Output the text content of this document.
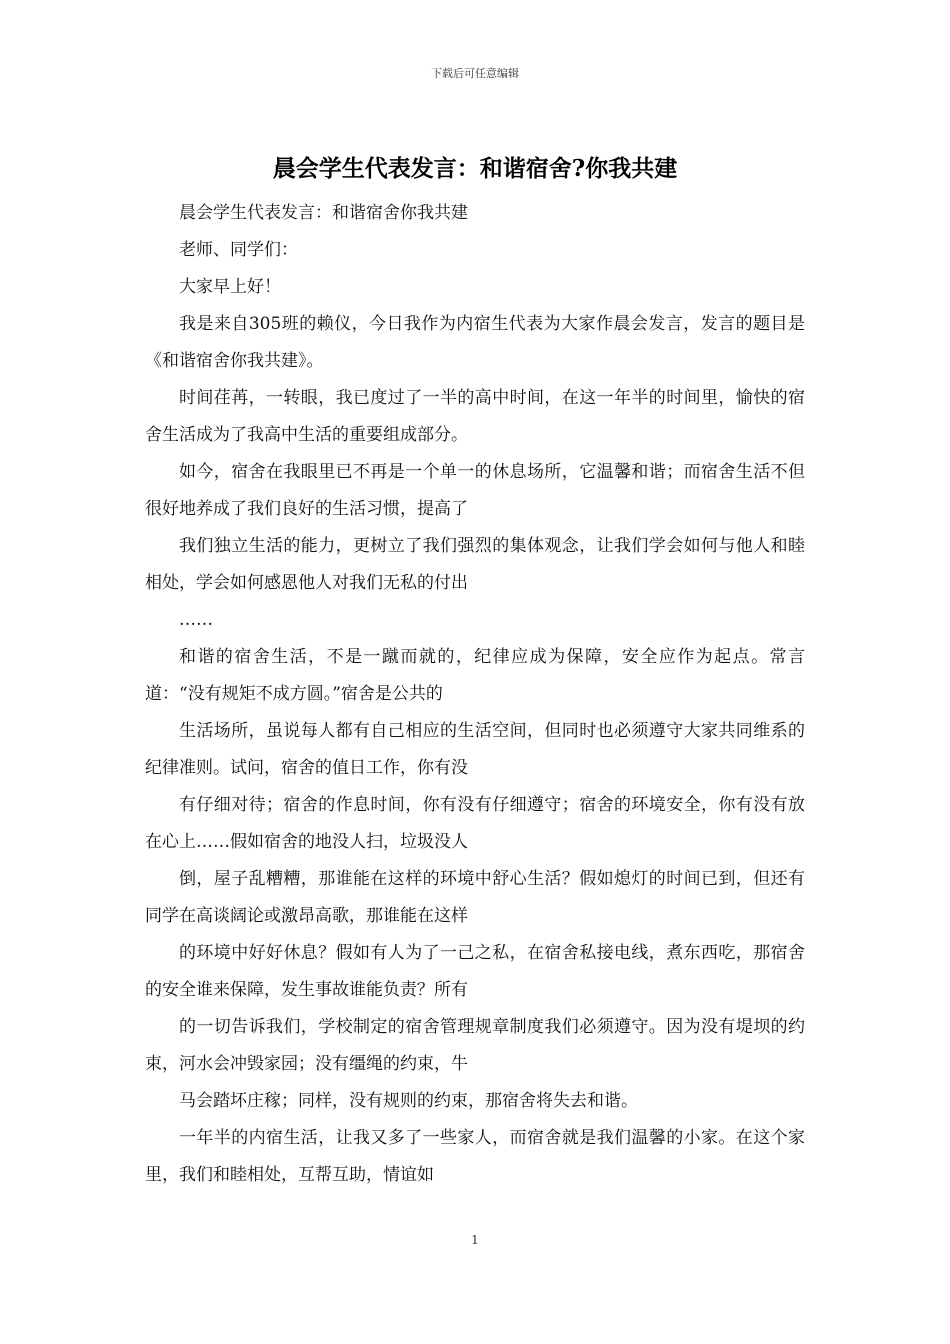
下载后可任意编辑
晨会学生代表发言：和谐宿舍?你我共建

晨会学生代表发言：和谐宿舍你我共建

老师、同学们：

大家早上好！

我是来自305班的赖仪，今日我作为内宿生代表为大家作晨会发言，发言的题目是《和谐宿舍你我共建》。

时间荏苒，一转眼，我已度过了一半的高中时间，在这一年半的时间里，愉快的宿舍生活成为了我高中生活的重要组成部分。

如今，宿舍在我眼里已不再是一个单一的休息场所，它温馨和谐；而宿舍生活不但很好地养成了我们良好的生活习惯，提高了

我们独立生活的能力，更树立了我们强烈的集体观念，让我们学会如何与他人和睦相处，学会如何感恩他人对我们无私的付出

……

和谐的宿舍生活，不是一蹴而就的，纪律应成为保障，安全应作为起点。常言道：“没有规矩不成方圆。”宿舍是公共的

生活场所，虽说每人都有自己相应的生活空间，但同时也必须遵守大家共同维系的纪律准则。试问，宿舍的值日工作，你有没

有仔细对待；宿舍的作息时间，你有没有仔细遵守；宿舍的环境安全，你有没有放在心上……假如宿舍的地没人扫，垃圾没人

倒，屋子乱糟糟，那谁能在这样的环境中舒心生活？假如熄灯的时间已到，但还有同学在高谈阔论或激昂高歌，那谁能在这样

的环境中好好休息？假如有人为了一己之私，在宿舍私接电线，煮东西吃，那宿舍的安全谁来保障，发生事故谁能负责？所有

的一切告诉我们，学校制定的宿舍管理规章制度我们必须遵守。因为没有堤坝的约束，河水会冲毁家园；没有缰绳的约束，牛

马会踏坏庄稼；同样，没有规则的约束，那宿舍将失去和谐。

一年半的内宿生活，让我又多了一些家人，而宿舍就是我们温馨的小家。在这个家里，我们和睦相处，互帮互助，情谊如

1
